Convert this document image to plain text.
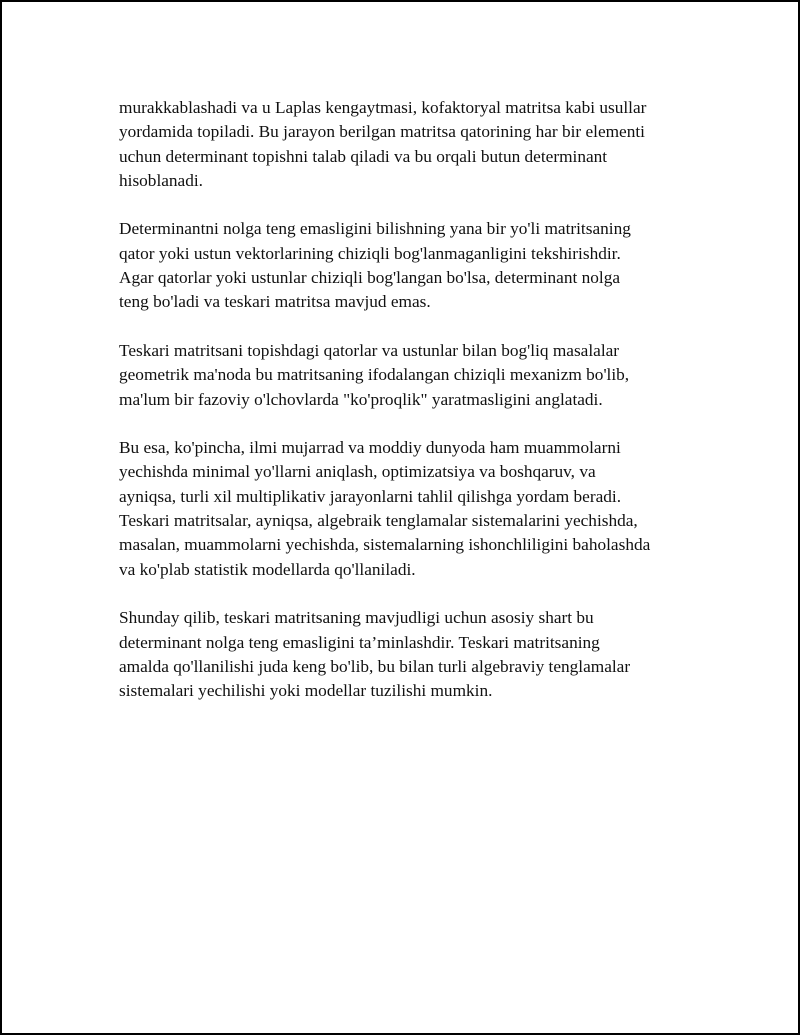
murakkablashadi va u Laplas kengaytmasi, kofaktoryal matritsa kabi usullar
yordamida topiladi. Bu jarayon berilgan matritsa qatorining har bir elementi
uchun determinant topishni talab qiladi va bu orqali butun determinant
hisoblanadi.

Determinantni nolga teng emasligini bilishning yana bir yo'li matritsaning
qator yoki ustun vektorlarining chiziqli bog'lanmaganligini tekshirishdir.
Agar qatorlar yoki ustunlar chiziqli bog'langan bo'lsa, determinant nolga
teng bo'ladi va teskari matritsa mavjud emas.

Teskari matritsani topishdagi qatorlar va ustunlar bilan bog'liq masalalar
geometrik ma'noda bu matritsaning ifodalangan chiziqli mexanizm bo'lib,
ma'lum bir fazoviy o'lchovlarda "ko'proqlik" yaratmasligini anglatadi.

Bu esa, ko'pincha, ilmi mujarrad va moddiy dunyoda ham muammolarni
yechishda minimal yo'llarni aniqlash, optimizatsiya va boshqaruv, va
ayniqsa, turli xil multiplikativ jarayonlarni tahlil qilishga yordam beradi.
Teskari matritsalar, ayniqsa, algebraik tenglamalar sistemalarini yechishda,
masalan, muammolarni yechishda, sistemalarning ishonchliligini baholashda
va ko'plab statistik modellarda qo'llaniladi.

Shunday qilib, teskari matritsaning mavjudligi uchun asosiy shart bu
determinant nolga teng emasligini ta’minlashdir. Teskari matritsaning
amalda qo'llanilishi juda keng bo'lib, bu bilan turli algebraviy tenglamalar
sistemalari yechilishi yoki modellar tuzilishi mumkin.
